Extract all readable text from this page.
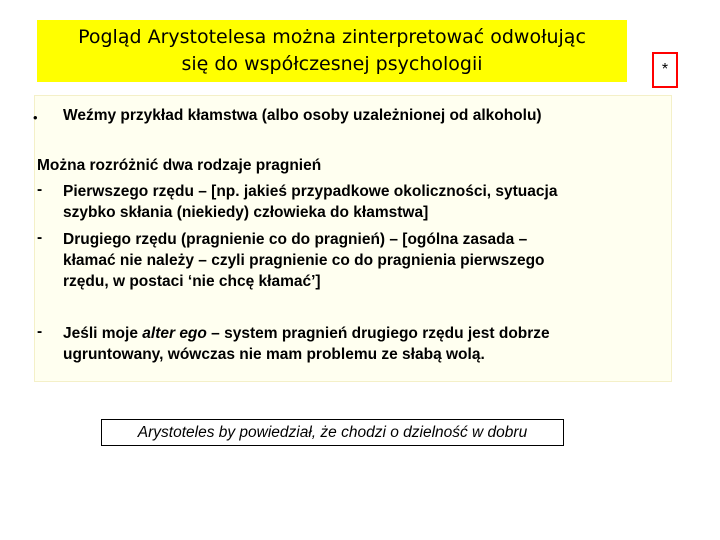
Pogląd Arystotelesa można zinterpretować odwołując
się do współczesnej psychologii	*
• Weźmy przykład kłamstwa (albo osoby uzależnionej od alkoholu)
Można rozróżnić dwa rodzaje pragnień
- Pierwszego rzędu – [np. jakieś przypadkowe okoliczności, sytuacja
szybko skłania (niekiedy) człowieka do kłamstwa]
- Drugiego rzędu (pragnienie co do pragnień) – [ogólna zasada –
kłamać nie należy – czyli pragnienie co do pragnienia pierwszego
rzędu, w postaci ‘nie chcę kłamać’]
- Jeśli moje alter ego – system pragnień drugiego rzędu jest dobrze
ugruntowany, wówczas nie mam problemu ze słabą wolą.
Arystoteles by powiedział, że chodzi o dzielność w dobru
